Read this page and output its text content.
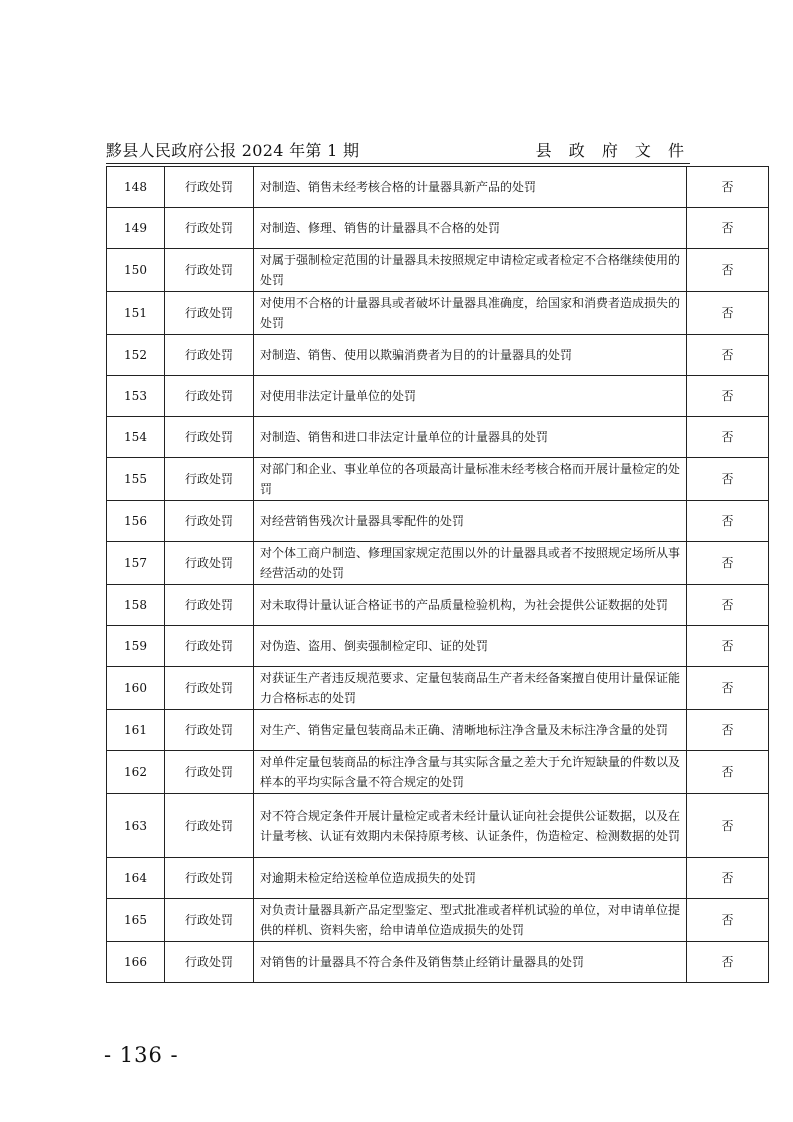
黟县人民政府公报 2024 年第 1 期	县 政 府 文 件
148	行政处罚	对制造、销售未经考核合格的计量器具新产品的处罚	否
149	行政处罚	对制造、修理、销售的计量器具不合格的处罚	否
150	行政处罚	对属于强制检定范围的计量器具未按照规定申请检定或者检定不合格继续使用的处罚	否
151	行政处罚	对使用不合格的计量器具或者破坏计量器具准确度，给国家和消费者造成损失的处罚	否
152	行政处罚	对制造、销售、使用以欺骗消费者为目的的计量器具的处罚	否
153	行政处罚	对使用非法定计量单位的处罚	否
154	行政处罚	对制造、销售和进口非法定计量单位的计量器具的处罚	否
155	行政处罚	对部门和企业、事业单位的各项最高计量标准未经考核合格而开展计量检定的处罚	否
156	行政处罚	对经营销售残次计量器具零配件的处罚	否
157	行政处罚	对个体工商户制造、修理国家规定范围以外的计量器具或者不按照规定场所从事经营活动的处罚	否
158	行政处罚	对未取得计量认证合格证书的产品质量检验机构，为社会提供公证数据的处罚	否
159	行政处罚	对伪造、盗用、倒卖强制检定印、证的处罚	否
160	行政处罚	对获证生产者违反规范要求、定量包装商品生产者未经备案擅自使用计量保证能力合格标志的处罚	否
161	行政处罚	对生产、销售定量包装商品未正确、清晰地标注净含量及未标注净含量的处罚	否
162	行政处罚	对单件定量包装商品的标注净含量与其实际含量之差大于允许短缺量的件数以及样本的平均实际含量不符合规定的处罚	否
163	行政处罚	对不符合规定条件开展计量检定或者未经计量认证向社会提供公证数据，以及在计量考核、认证有效期内未保持原考核、认证条件，伪造检定、检测数据的处罚	否
164	行政处罚	对逾期未检定给送检单位造成损失的处罚	否
165	行政处罚	对负责计量器具新产品定型鉴定、型式批准或者样机试验的单位，对申请单位提供的样机、资料失密，给申请单位造成损失的处罚	否
166	行政处罚	对销售的计量器具不符合条件及销售禁止经销计量器具的处罚	否
- 136 -
